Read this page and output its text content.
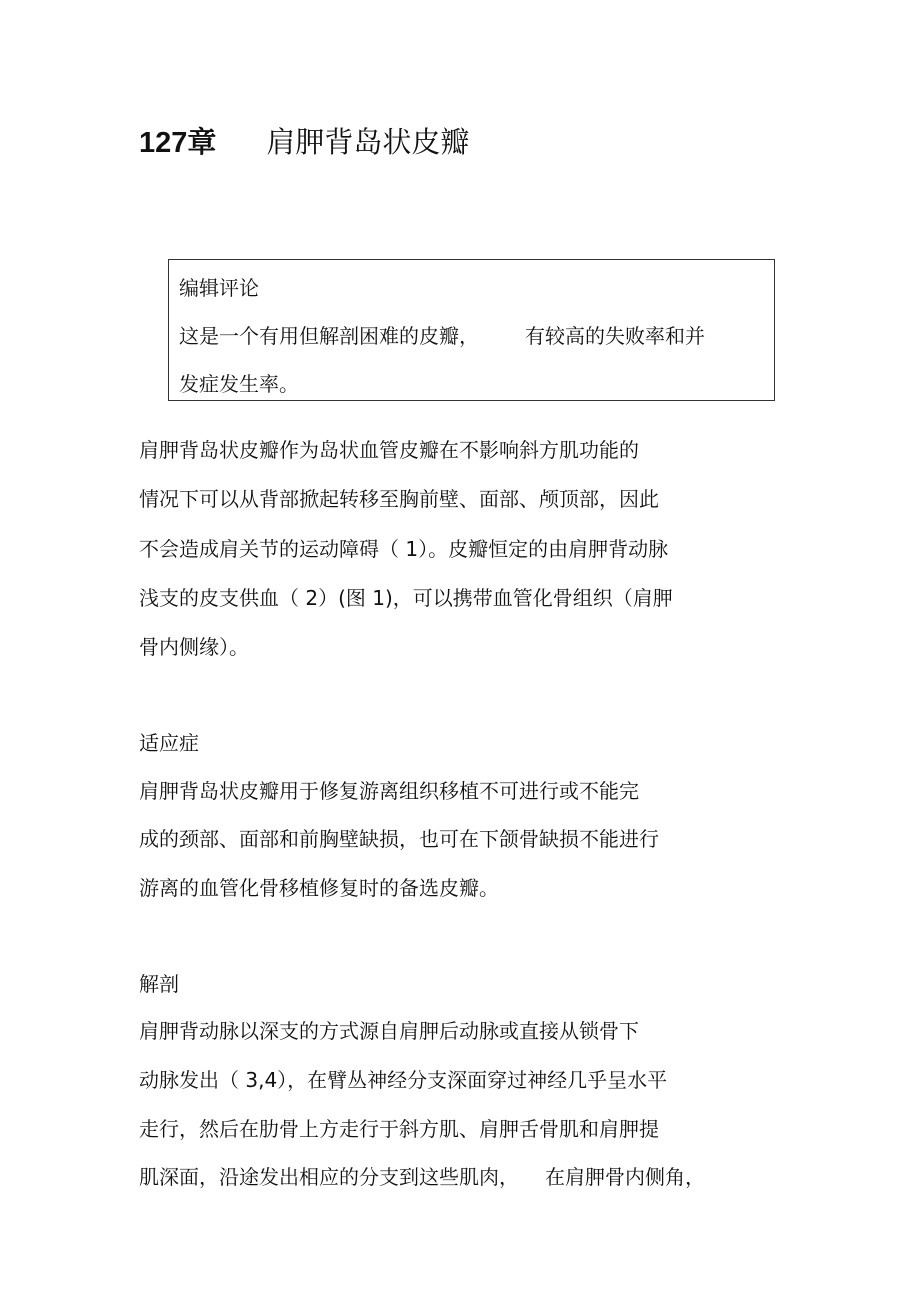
127章 肩胛背岛状皮瓣
编辑评论
这是一个有用但解剖困难的皮瓣， 有较高的失败率和并
发症发生率。
肩胛背岛状皮瓣作为岛状血管皮瓣在不影响斜方肌功能的
情况下可以从背部掀起转移至胸前壁、面部、颅顶部，因此
不会造成肩关节的运动障碍（ 1）。皮瓣恒定的由肩胛背动脉
浅支的皮支供血（ 2）(图 1)，可以携带血管化骨组织（肩胛
骨内侧缘）。
适应症
肩胛背岛状皮瓣用于修复游离组织移植不可进行或不能完
成的颈部、面部和前胸壁缺损，也可在下颌骨缺损不能进行
游离的血管化骨移植修复时的备选皮瓣。
解剖
肩胛背动脉以深支的方式源自肩胛后动脉或直接从锁骨下
动脉发出（ 3,4），在臂丛神经分支深面穿过神经几乎呈水平
走行，然后在肋骨上方走行于斜方肌、肩胛舌骨肌和肩胛提
肌深面，沿途发出相应的分支到这些肌肉， 在肩胛骨内侧角，
